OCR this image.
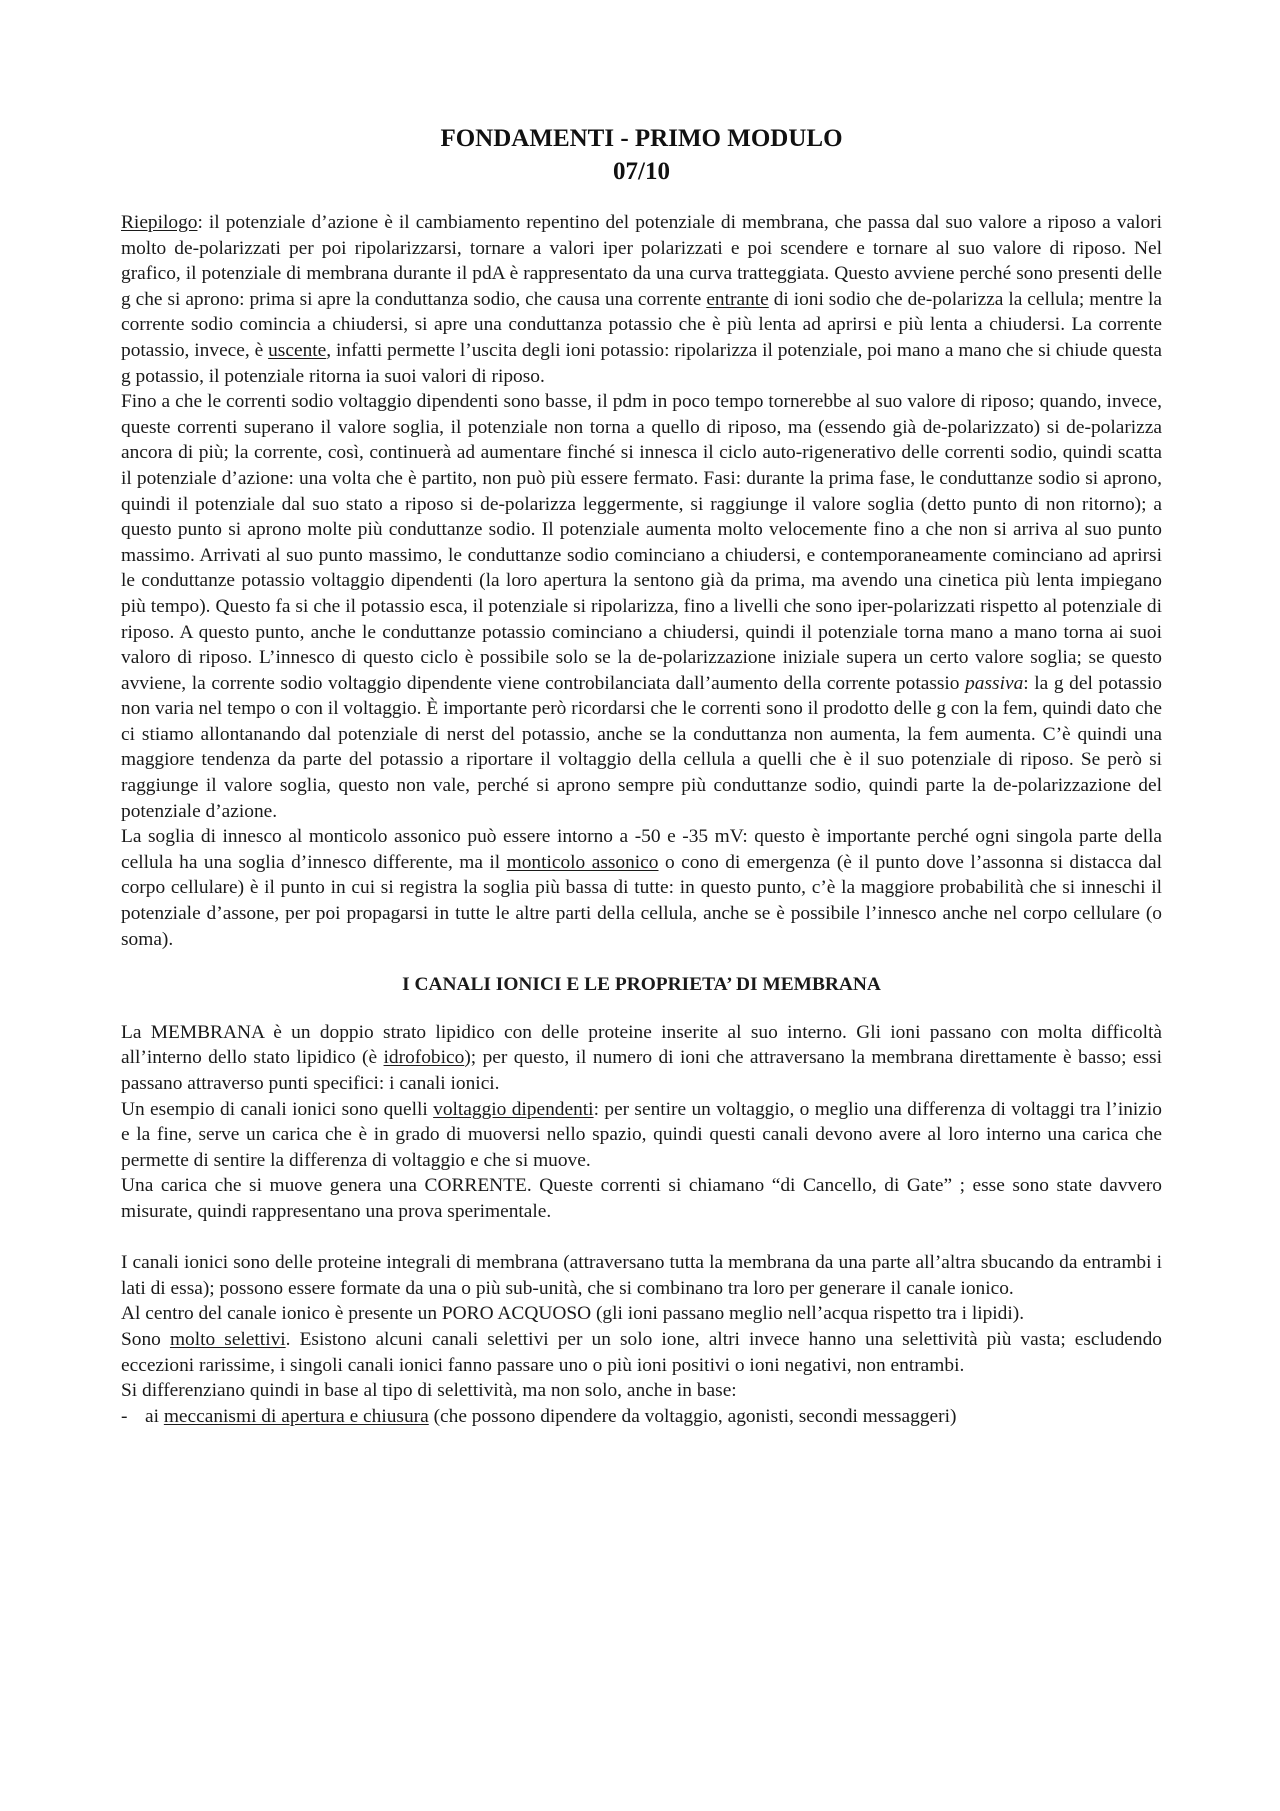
FONDAMENTI - PRIMO MODULO
07/10

Riepilogo: il potenziale d’azione è il cambiamento repentino del potenziale di membrana, che passa dal suo valore a riposo a valori molto de-polarizzati per poi ripolarizzarsi, tornare a valori iper polarizzati e poi scendere e tornare al suo valore di riposo. Nel grafico, il potenziale di membrana durante il pdA è rappresentato da una curva tratteggiata. Questo avviene perché sono presenti delle g che si aprono: prima si apre la conduttanza sodio, che causa una corrente entrante di ioni sodio che de-polarizza la cellula; mentre la corrente sodio comincia a chiudersi, si apre una conduttanza potassio che è più lenta ad aprirsi e più lenta a chiudersi. La corrente potassio, invece, è uscente, infatti permette l’uscita degli ioni potassio: ripolarizza il potenziale, poi mano a mano che si chiude questa g potassio, il potenziale ritorna ia suoi valori di riposo.

Fino a che le correnti sodio voltaggio dipendenti sono basse, il pdm in poco tempo tornerebbe al suo valore di riposo; quando, invece, queste correnti superano il valore soglia, il potenziale non torna a quello di riposo, ma (essendo già de-polarizzato) si de-polarizza ancora di più; la corrente, così, continuerà ad aumentare finché si innesca il ciclo auto-rigenerativo delle correnti sodio, quindi scatta il potenziale d’azione: una volta che è partito, non può più essere fermato. Fasi: durante la prima fase, le conduttanze sodio si aprono, quindi il potenziale dal suo stato a riposo si de-polarizza leggermente, si raggiunge il valore soglia (detto punto di non ritorno); a questo punto si aprono molte più conduttanze sodio. Il potenziale aumenta molto velocemente fino a che non si arriva al suo punto massimo. Arrivati al suo punto massimo, le conduttanze sodio cominciano a chiudersi, e contemporaneamente cominciano ad aprirsi le conduttanze potassio voltaggio dipendenti (la loro apertura la sentono già da prima, ma avendo una cinetica più lenta impiegano più tempo). Questo fa si che il potassio esca, il potenziale si ripolarizza, fino a livelli che sono iper-polarizzati rispetto al potenziale di riposo. A questo punto, anche le conduttanze potassio cominciano a chiudersi, quindi il potenziale torna mano a mano torna ai suoi valoro di riposo. L’innesco di questo ciclo è possibile solo se la de-polarizzazione iniziale supera un certo valore soglia; se questo avviene, la corrente sodio voltaggio dipendente viene controbilanciata dall’aumento della corrente potassio passiva: la g del potassio non varia nel tempo o con il voltaggio. È importante però ricordarsi che le correnti sono il prodotto delle g con la fem, quindi dato che ci stiamo allontanando dal potenziale di nerst del potassio, anche se la conduttanza non aumenta, la fem aumenta. C’è quindi una maggiore tendenza da parte del potassio a riportare il voltaggio della cellula a quelli che è il suo potenziale di riposo. Se però si raggiunge il valore soglia, questo non vale, perché si aprono sempre più conduttanze sodio, quindi parte la de-polarizzazione del potenziale d’azione.

La soglia di innesco al monticolo assonico può essere intorno a -50 e -35 mV: questo è importante perché ogni singola parte della cellula ha una soglia d’innesco differente, ma il monticolo assonico o cono di emergenza (è il punto dove l’assonna si distacca dal corpo cellulare) è il punto in cui si registra la soglia più bassa di tutte: in questo punto, c’è la maggiore probabilità che si inneschi il potenziale d’assone, per poi propagarsi in tutte le altre parti della cellula, anche se è possibile l’innesco anche nel corpo cellulare (o soma).

I CANALI IONICI E LE PROPRIETA’ DI MEMBRANA

La MEMBRANA è un doppio strato lipidico con delle proteine inserite al suo interno. Gli ioni passano con molta difficoltà all’interno dello stato lipidico (è idrofobico); per questo, il numero di ioni che attraversano la membrana direttamente è basso; essi passano attraverso punti specifici: i canali ionici.

Un esempio di canali ionici sono quelli voltaggio dipendenti: per sentire un voltaggio, o meglio una differenza di voltaggi tra l’inizio e la fine, serve un carica che è in grado di muoversi nello spazio, quindi questi canali devono avere al loro interno una carica che permette di sentire la differenza di voltaggio e che si muove.

Una carica che si muove genera una CORRENTE. Queste correnti si chiamano “di Cancello, di Gate” ; esse sono state davvero misurate, quindi rappresentano una prova sperimentale.

I canali ionici sono delle proteine integrali di membrana (attraversano tutta la membrana da una parte all’altra sbucando da entrambi i lati di essa); possono essere formate da una o più sub-unità, che si combinano tra loro per generare il canale ionico.

Al centro del canale ionico è presente un PORO ACQUOSO (gli ioni passano meglio nell’acqua rispetto tra i lipidi).

Sono molto selettivi. Esistono alcuni canali selettivi per un solo ione, altri invece hanno una selettività più vasta; escludendo eccezioni rarissime, i singoli canali ionici fanno passare uno o più ioni positivi o ioni negativi, non entrambi.

Si differenziano quindi in base al tipo di selettività, ma non solo, anche in base:

- ai meccanismi di apertura e chiusura (che possono dipendere da voltaggio, agonisti, secondi messaggeri)
